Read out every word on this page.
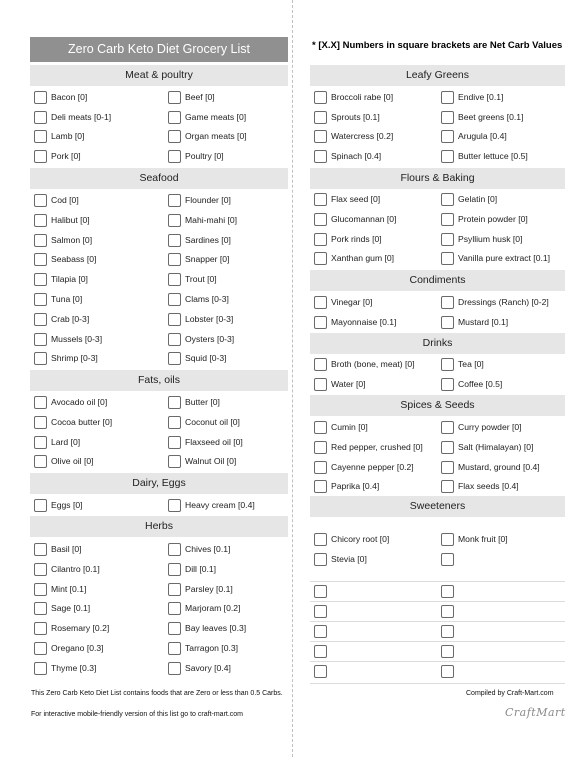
Zero Carb Keto Diet Grocery List	* [X.X] Numbers in square brackets are Net Carb Values
Meat & poultry
Bacon [0]	Beef [0]
Deli meats [0-1]	Game meats [0]
Lamb [0]	Organ meats [0]
Pork [0]	Poultry [0]
Seafood
Cod [0]	Flounder [0]
Halibut [0]	Mahi-mahi [0]
Salmon [0]	Sardines [0]
Seabass [0]	Snapper [0]
Tilapia [0]	Trout [0]
Tuna [0]	Clams [0-3]
Crab [0-3]	Lobster [0-3]
Mussels [0-3]	Oysters [0-3]
Shrimp [0-3]	Squid [0-3]
Fats, oils
Avocado oil [0]	Butter [0]
Cocoa butter [0]	Coconut oil [0]
Lard [0]	Flaxseed oil [0]
Olive oil [0]	Walnut Oil [0]
Dairy, Eggs
Eggs [0]	Heavy cream [0.4]
Herbs
Basil [0]	Chives [0.1]
Cilantro [0.1]	Dill [0.1]
Mint [0.1]	Parsley [0.1]
Sage [0.1]	Marjoram [0.2]
Rosemary [0.2]	Bay leaves [0.3]
Oregano [0.3]	Tarragon [0.3]
Thyme [0.3]	Savory [0.4]
Leafy Greens
Broccoli rabe [0]	Endive [0.1]
Sprouts [0.1]	Beet greens [0.1]
Watercress [0.2]	Arugula [0.4]
Spinach [0.4]	Butter lettuce [0.5]
Flours & Baking
Flax seed [0]	Gelatin [0]
Glucomannan [0]	Protein powder [0]
Pork rinds [0]	Psyllium husk [0]
Xanthan gum [0]	Vanilla pure extract [0.1]
Condiments
Vinegar [0]	Dressings (Ranch) [0-2]
Mayonnaise [0.1]	Mustard [0.1]
Drinks
Broth (bone, meat) [0]	Tea [0]
Water [0]	Coffee [0.5]
Spices & Seeds
Cumin [0]	Curry powder [0]
Red pepper, crushed [0]	Salt (Himalayan) [0]
Cayenne pepper [0.2]	Mustard, ground [0.4]
Paprika [0.4]	Flax seeds [0.4]
Sweeteners
Chicory root [0]	Monk fruit [0]
Stevia [0]
This Zero Carb Keto Diet List contains foods that are Zero or less than 0.5 Carbs.
For interactive mobile-friendly version of this list go to craft-mart.com
Compiled by Craft-Mart.com
CraftMart
